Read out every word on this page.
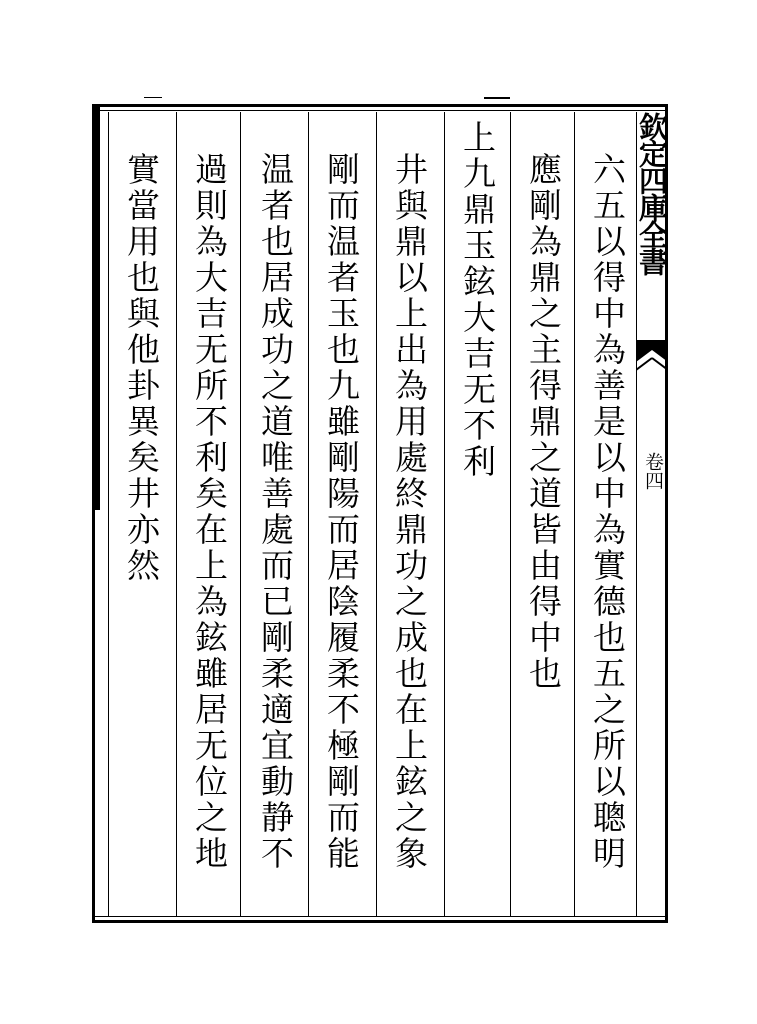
欽定四庫全書
卷四
六五以得中為善是以中為實德也五之所以聰明
應剛為鼎之主得鼎之道皆由得中也
上九鼎玉鉉大吉无不利
井與鼎以上出為用處終鼎功之成也在上鉉之象
剛而温者玉也九雖剛陽而居陰履柔不極剛而能
温者也居成功之道唯善處而已剛柔適宜動静不
過則為大吉无所不利矣在上為鉉雖居无位之地
實當用也與他卦異矣井亦然
